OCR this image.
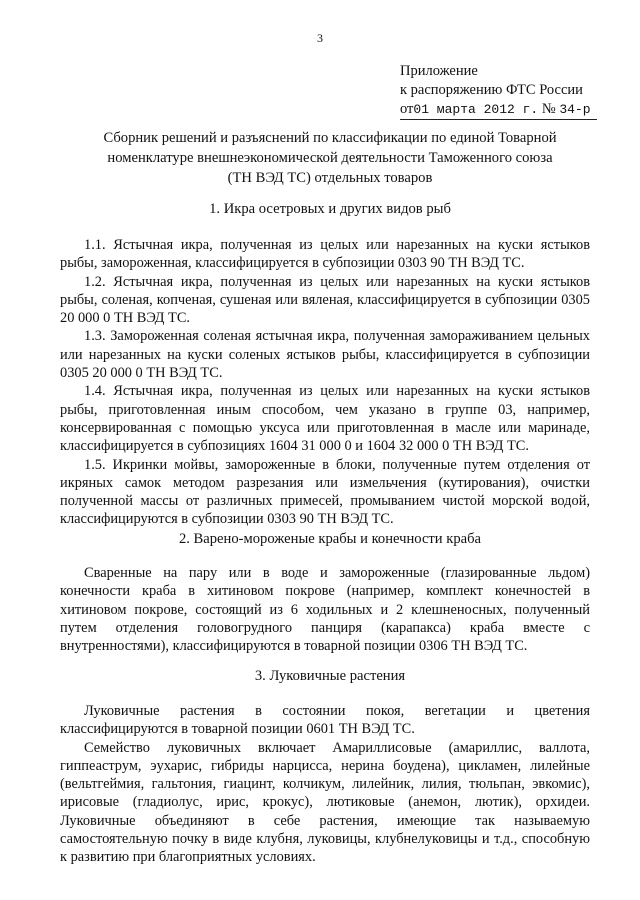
3
Приложение
к распоряжению ФТС России
от01 марта 2012 г. № 34-р
Сборник решений и разъяснений по классификации по единой Товарной
номенклатуре внешнеэкономической деятельности Таможенного союза
(ТН ВЭД ТС) отдельных товаров
1. Икра осетровых и других видов рыб

1.1. Ястычная икра, полученная из целых или нарезанных на куски ястыков рыбы, замороженная, классифицируется в субпозиции 0303 90 ТН ВЭД ТС.

1.2. Ястычная икра, полученная из целых или нарезанных на куски ястыков рыбы, соленая, копченая, сушеная или вяленая, классифицируется в субпозиции 0305 20 000 0 ТН ВЭД ТС.

1.3. Замороженная соленая ястычная икра, полученная замораживанием цельных или нарезанных на куски соленых ястыков рыбы, классифицируется в субпозиции 0305 20 000 0 ТН ВЭД ТС.

1.4. Ястычная икра, полученная из целых или нарезанных на куски ястыков рыбы, приготовленная иным способом, чем указано в группе 03, например, консервированная с помощью уксуса или приготовленная в масле или маринаде, классифицируется в субпозициях 1604 31 000 0 и 1604 32 000 0 ТН ВЭД ТС.

1.5. Икринки мойвы, замороженные в блоки, полученные путем отделения от икряных самок методом разрезания или измельчения (кутирования), очистки полученной массы от различных примесей, промыванием чистой морской водой, классифицируются в субпозиции 0303 90 ТН ВЭД ТС.

2. Варено-мороженые крабы и конечности краба

Сваренные на пару или в воде и замороженные (глазированные льдом) конечности краба в хитиновом покрове (например, комплект конечностей в хитиновом покрове, состоящий из 6 ходильных и 2 клешненосных, полученный путем отделения головогрудного панциря (карапакса) краба вместе с внутренностями), классифицируются в товарной позиции 0306 ТН ВЭД ТС.

3. Луковичные растения

Луковичные растения в состоянии покоя, вегетации и цветения классифицируются в товарной позиции 0601 ТН ВЭД ТС.

Семейство луковичных включает Амариллисовые (амариллис, валлота, гиппеаструм, эухарис, гибриды нарцисса, нерина боудена), цикламен, лилейные (вельтгеймия, гальтония, гиацинт, колчикум, лилейник, лилия, тюльпан, эвкомис), ирисовые (гладиолус, ирис, крокус), лютиковые (анемон, лютик), орхидеи. Луковичные объединяют в себе растения, имеющие так называемую самостоятельную почку в виде клубня, луковицы, клубнелуковицы и т.д., способную к развитию при благоприятных условиях.
